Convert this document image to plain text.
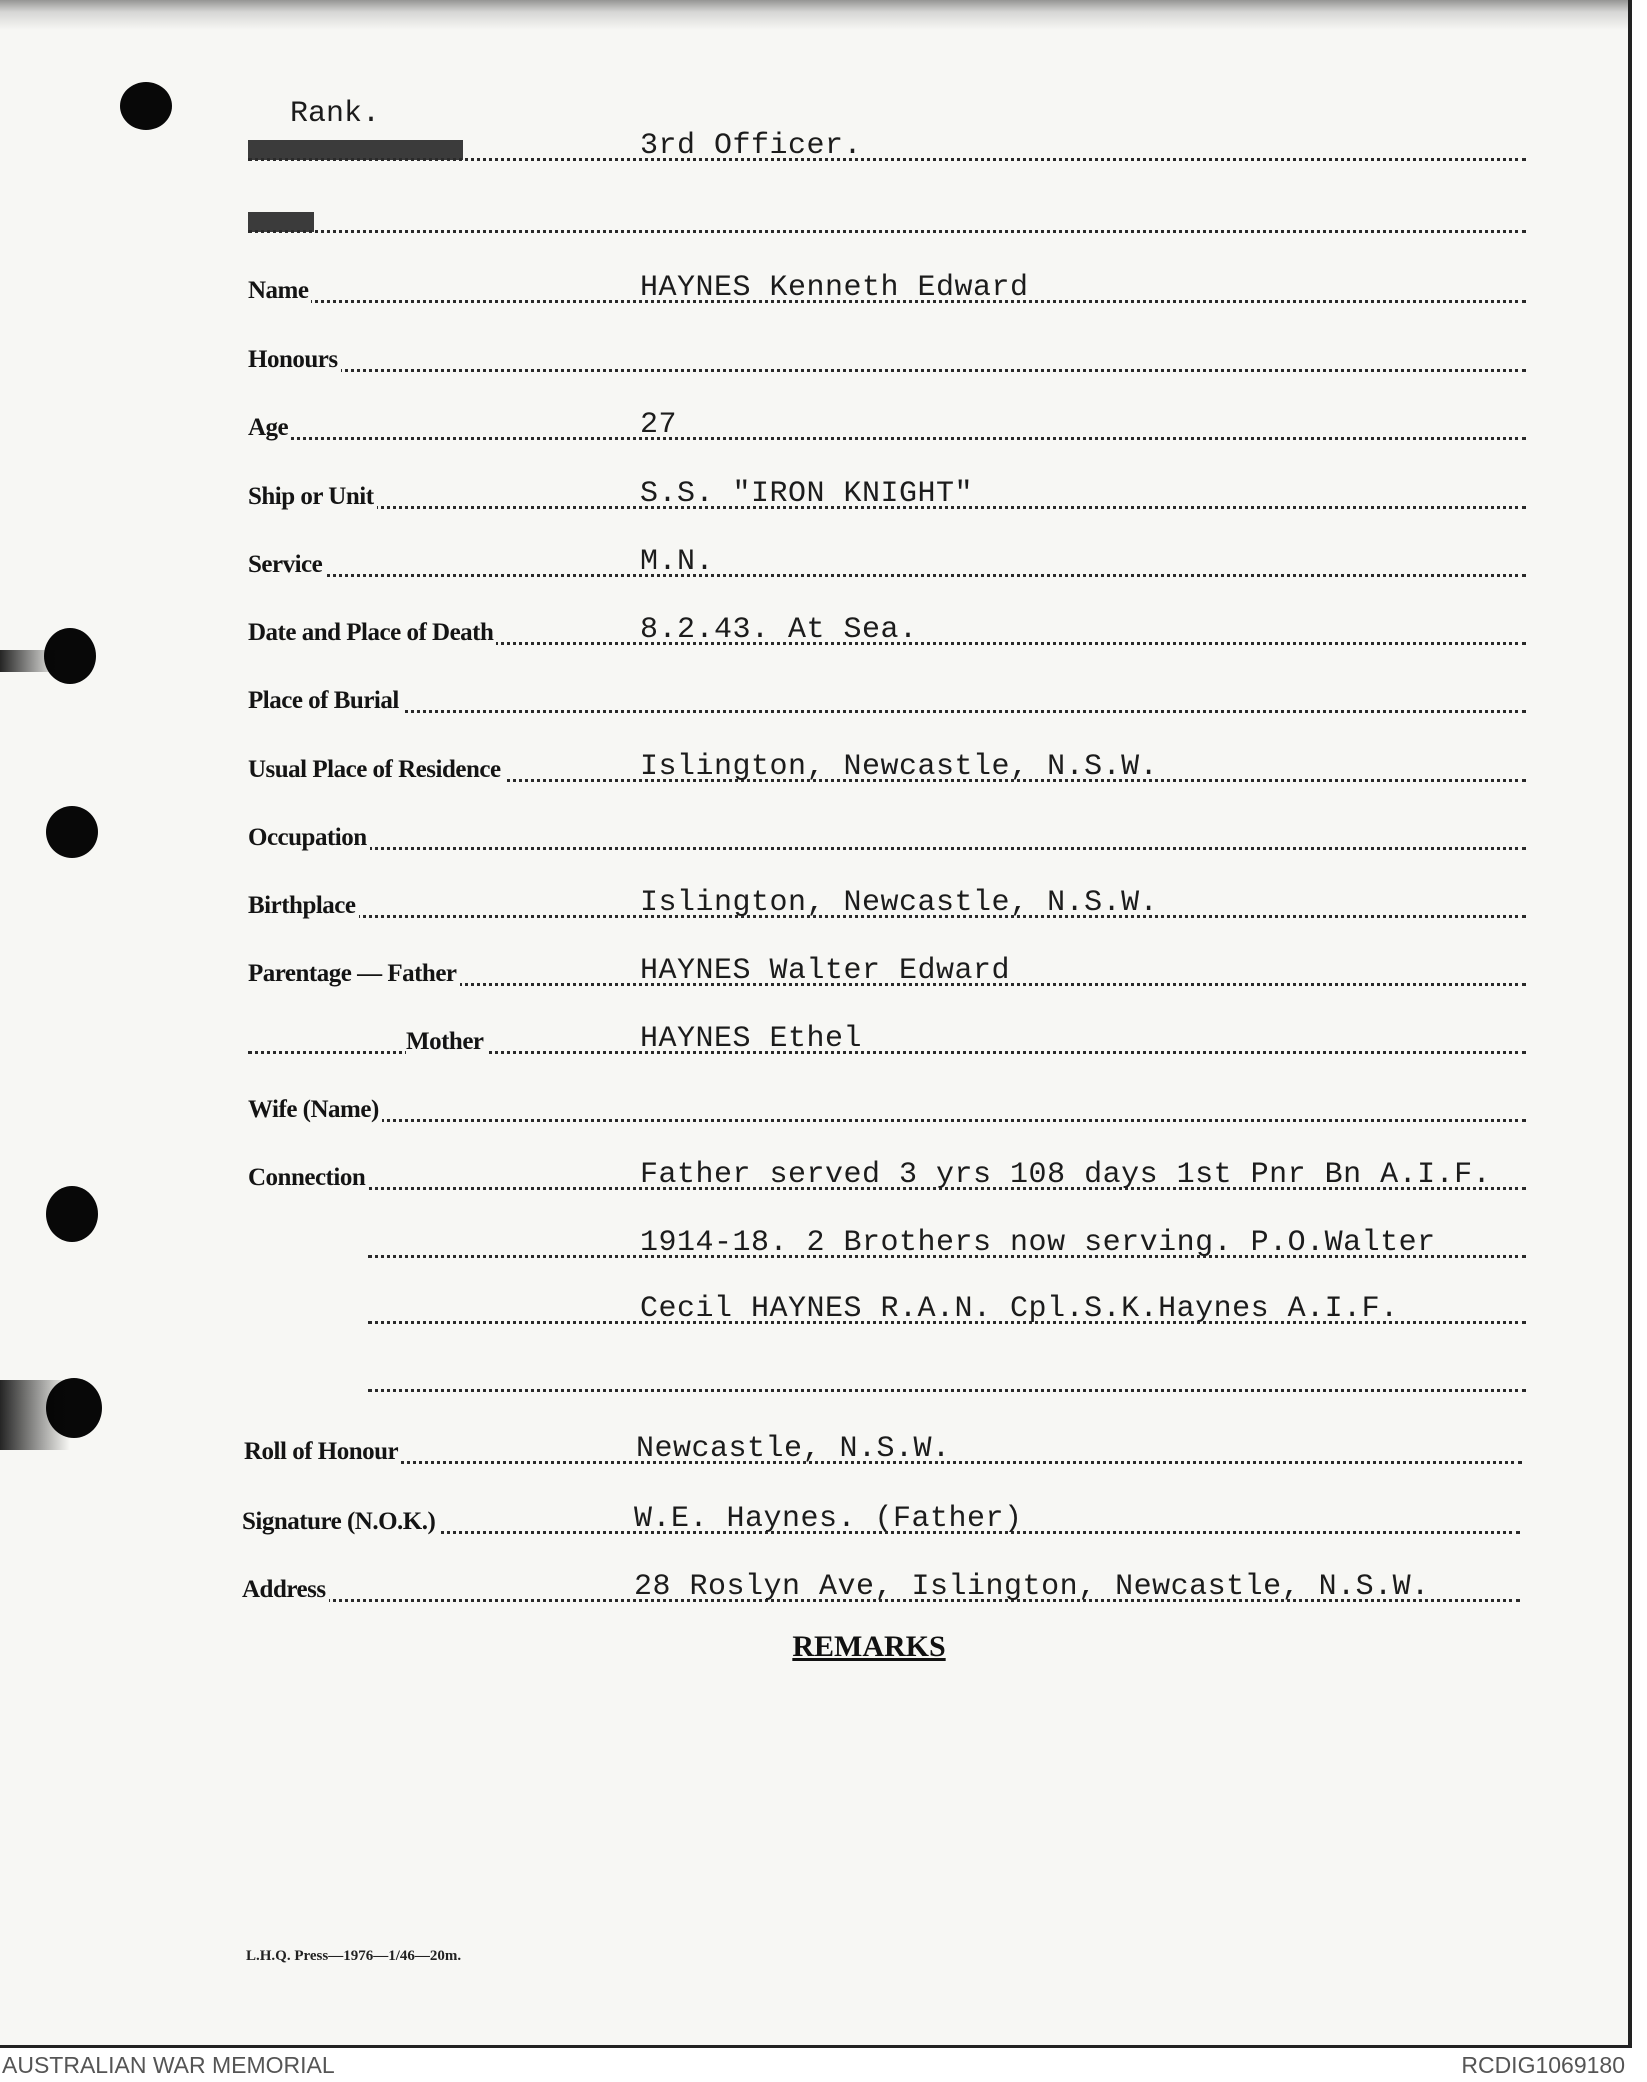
Rank.
3rd Officer.
Name	HAYNES Kenneth Edward
Honours
Age	27
Ship or Unit	S.S. "IRON KNIGHT"
Service	M.N.
Date and Place of Death	8.2.43. At Sea.
Place of Burial
Usual Place of Residence	Islington, Newcastle, N.S.W.
Occupation
Birthplace	Islington, Newcastle, N.S.W.
Parentage — Father	HAYNES Walter Edward
Mother	HAYNES Ethel
Wife (Name)
Connection	Father served 3 yrs 108 days 1st Pnr Bn A.I.F.
1914-18. 2 Brothers now serving. P.O.Walter
Cecil HAYNES R.A.N. Cpl.S.K.Haynes A.I.F.
Roll of Honour	Newcastle, N.S.W.
Signature (N.O.K.)	W.E. Haynes. (Father)
Address	28 Roslyn Ave, Islington, Newcastle, N.S.W.
REMARKS
L.H.Q. Press—1976—1/46—20m.
AUSTRALIAN WAR MEMORIAL	RCDIG1069180
